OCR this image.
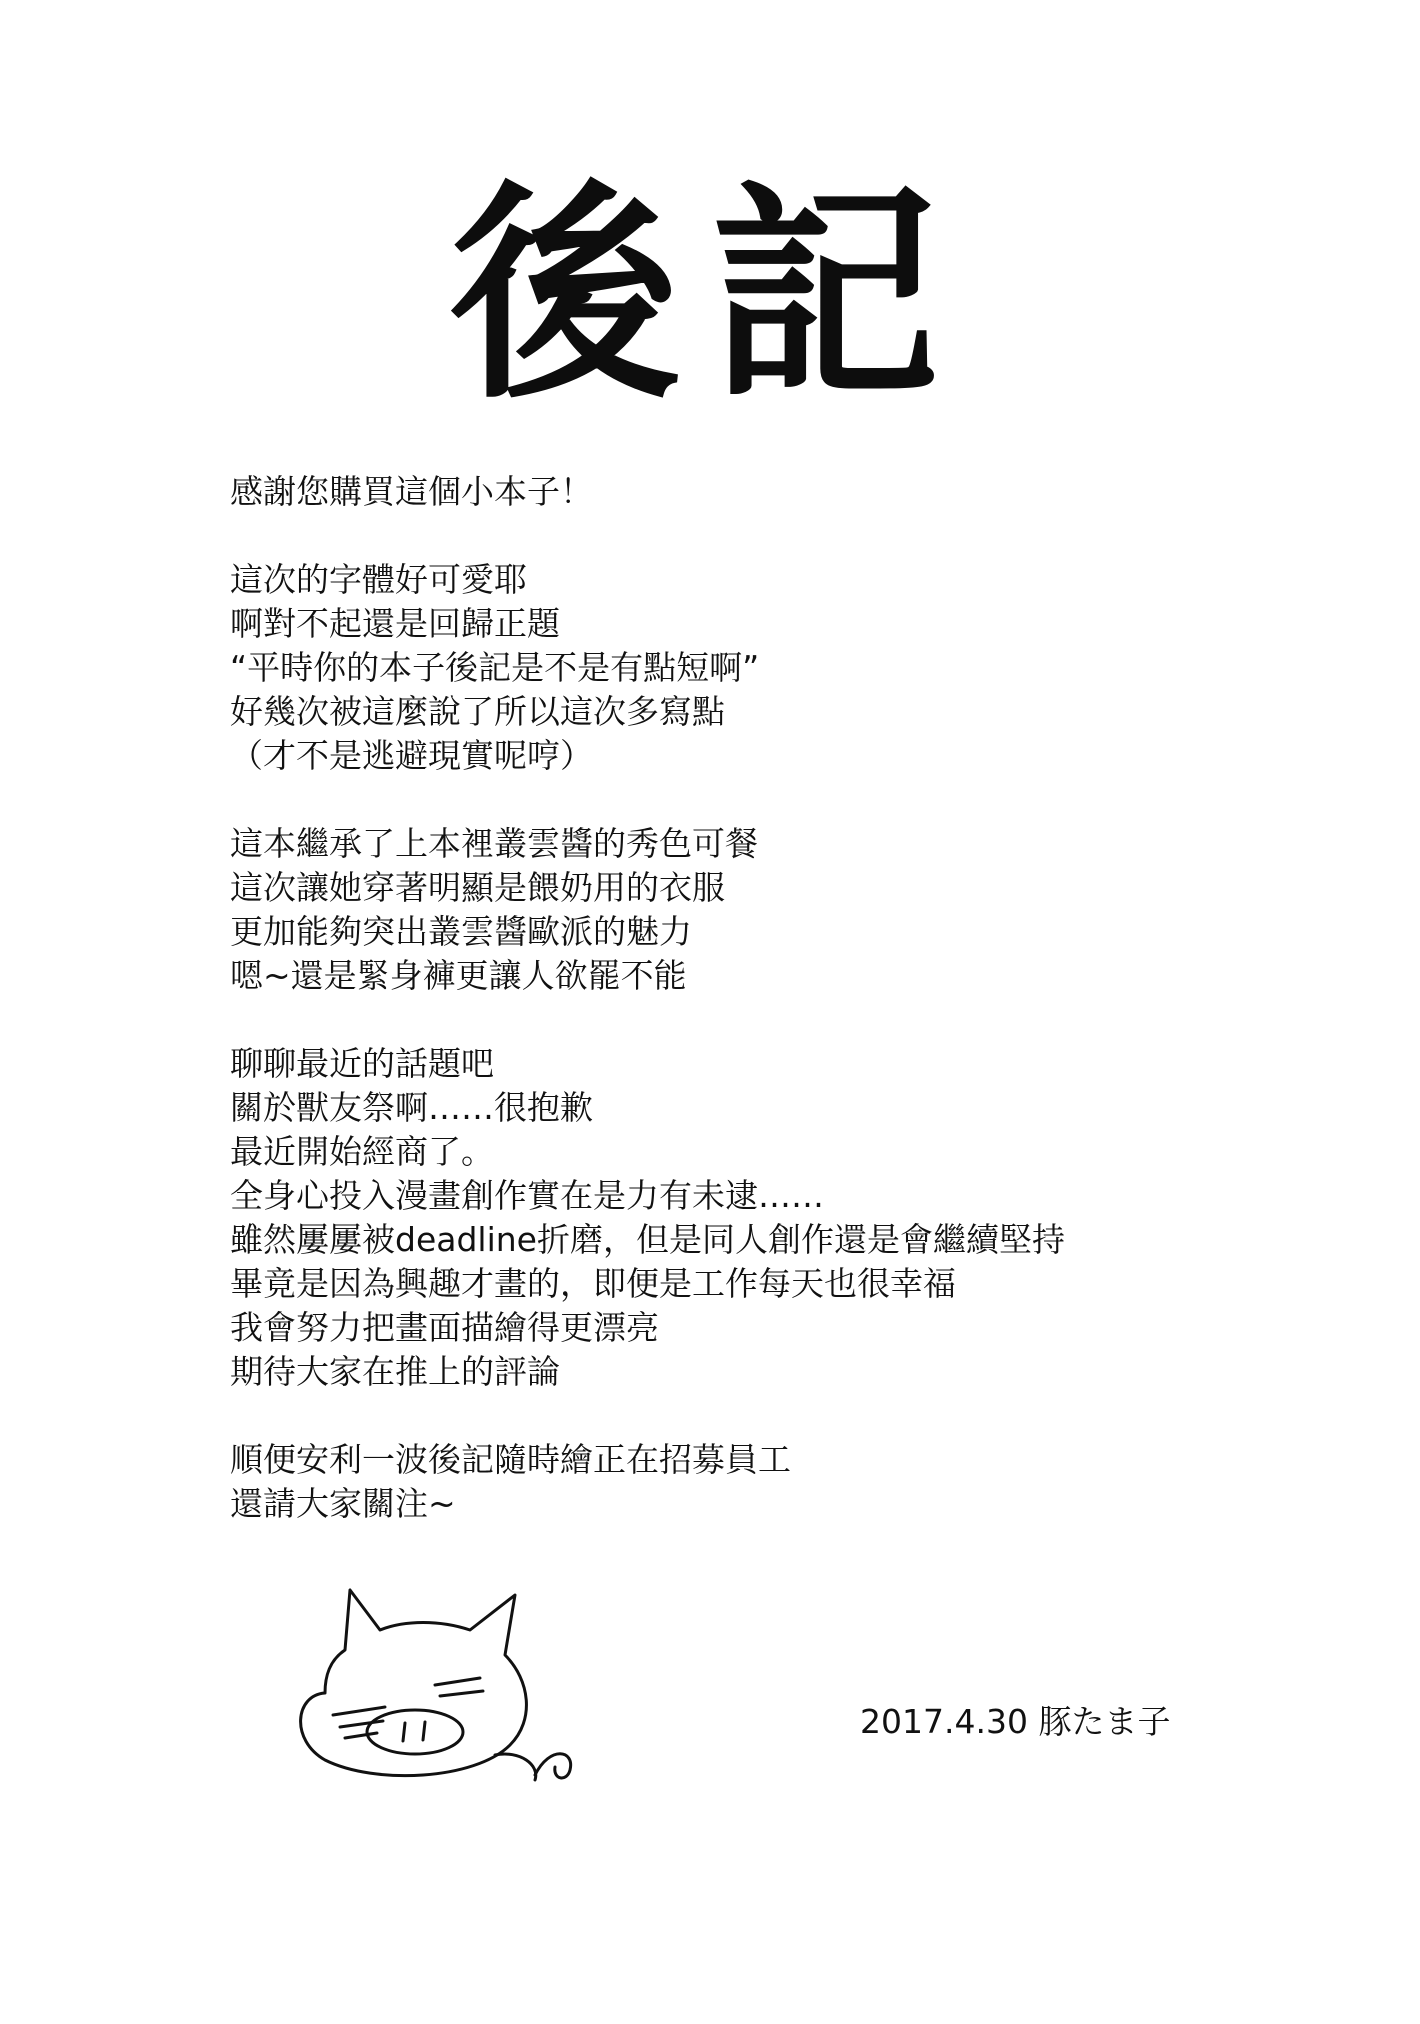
後記
感謝您購買這個小本子！
這次的字體好可愛耶
啊對不起還是回歸正題
“平時你的本子後記是不是有點短啊”
好幾次被這麼說了所以這次多寫點
（才不是逃避現實呢哼）
這本繼承了上本裡叢雲醬的秀色可餐
這次讓她穿著明顯是餵奶用的衣服
更加能夠突出叢雲醬歐派的魅力
嗯~還是緊身褲更讓人欲罷不能
聊聊最近的話題吧
關於獸友祭啊……很抱歉
最近開始經商了。
全身心投入漫畫創作實在是力有未逮……
雖然屢屢被deadline折磨，但是同人創作還是會繼續堅持
畢竟是因為興趣才畫的，即便是工作每天也很幸福
我會努力把畫面描繪得更漂亮
期待大家在推上的評論
順便安利一波後記隨時繪正在招募員工
還請大家關注~
2017.4.30 豚たま子
